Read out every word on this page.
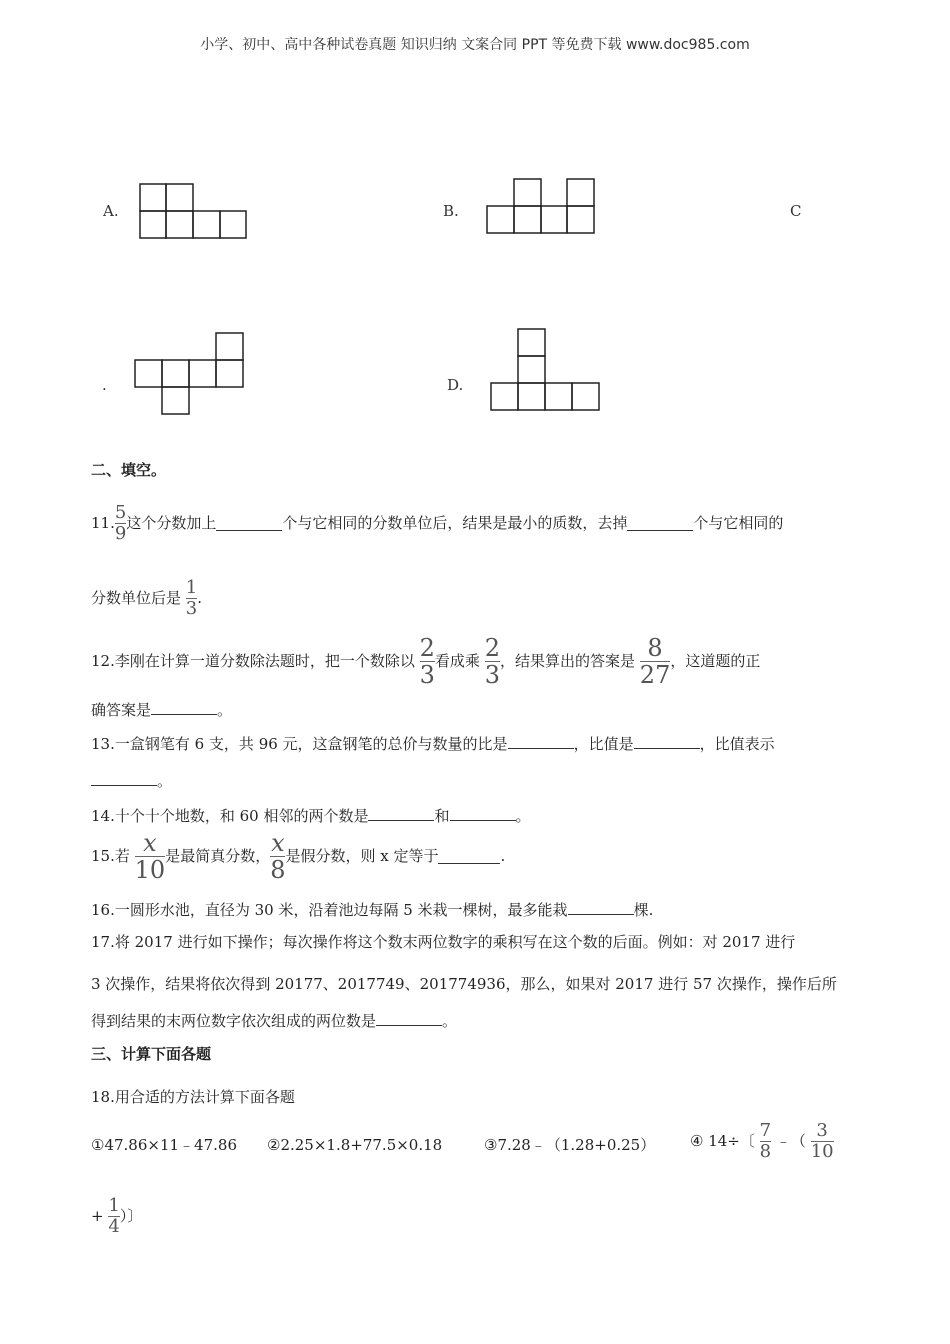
小学、初中、高中各种试卷真题 知识归纳 文案合同 PPT 等免费下载 www.doc985.com
A.	B.	C
.	D.
二、填空。
11. $\frac{5}{9}$ 这个分数加上	个与它相同的分数单位后，结果是最小的质数，去掉	个与它相同的
分数单位后是
$\frac{1}{3}$ .
12.李刚在计算一道分数除法题时，把一个数除以
$\frac{2}{3}$ 看成乘
$\frac{2}{3}$ ，结果算出的答案是
$\frac{8}{27}$ ，这道题的正
确答案是	。
13.一盒钢笔有 6 支，共 96 元，这盒钢笔的总价与数量的比是	，比值是	，比值表示
。
14.十个十个地数，和 60 相邻的两个数是	和	。
15.若
$\frac{x}{10}$ 是最简真分数， $\frac{x}{8}$ 是假分数，则 x 定等于	.
16.一圆形水池，直径为 30 米，沿着池边每隔 5 米栽一棵树，最多能栽	棵.
17.将 2017 进行如下操作；每次操作将这个数末两位数字的乘积写在这个数的后面。例如：对 2017 进行
3 次操作，结果将依次得到 20177、2017749、201774936，那么，如果对 2017 进行 57 次操作，操作后所
得到结果的末两位数字依次组成的两位数是	。
三、计算下面各题
18.用合适的方法计算下面各题
①47.86×11﹣47.86 ②2.25×1.8+77.5×0.18	③7.28﹣（1.28+0.25） ④ 14÷〔
$\frac{7}{8}$
﹣（
$\frac{3}{10}$
+
$\frac{1}{4}$ ）〕
